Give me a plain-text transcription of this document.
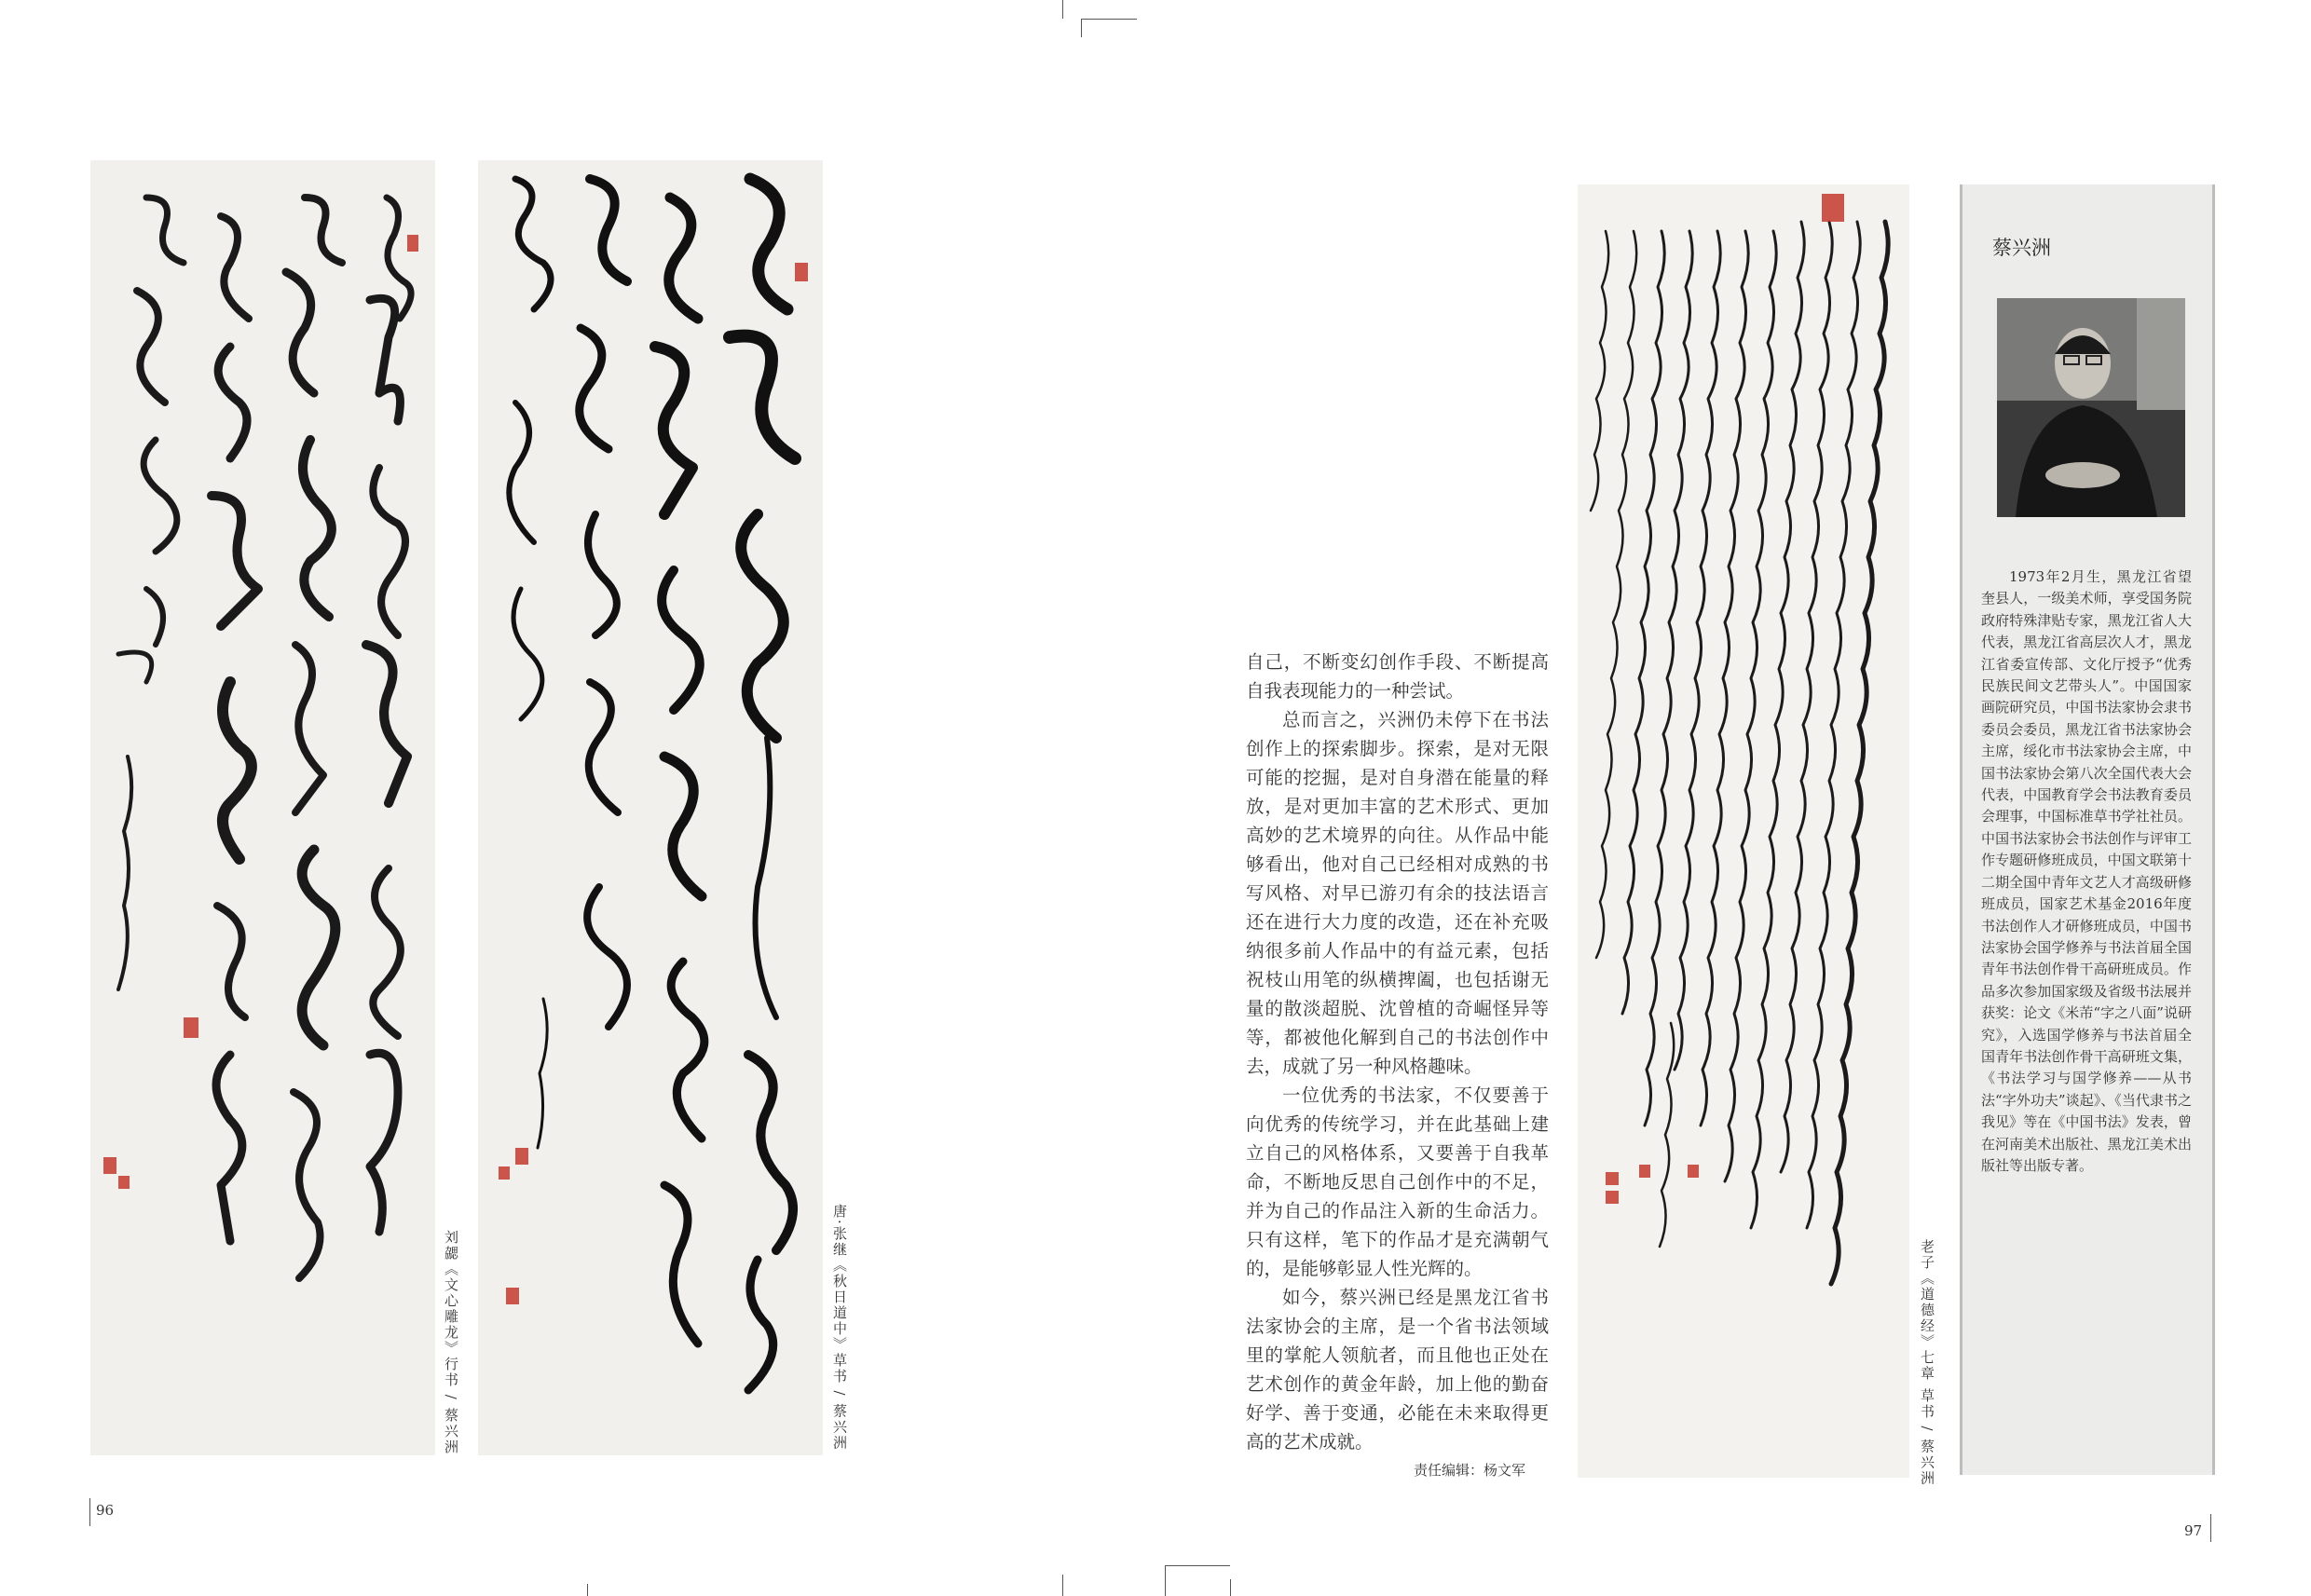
刘勰《文心雕龙》行书 / 蔡兴洲	唐·张继《秋日道中》草书 / 蔡兴洲
96

自己，不断变幻创作手段、不断提高自我表现能力的一种尝试。

总而言之，兴洲仍未停下在书法创作上的探索脚步。探索，是对无限可能的挖掘，是对自身潜在能量的释放，是对更加丰富的艺术形式、更加高妙的艺术境界的向往。从作品中能够看出，他对自己已经相对成熟的书写风格、对早已游刃有余的技法语言还在进行大力度的改造，还在补充吸纳很多前人作品中的有益元素，包括祝枝山用笔的纵横捭阖，也包括谢无量的散淡超脱、沈曾植的奇崛怪异等等，都被他化解到自己的书法创作中去，成就了另一种风格趣味。

一位优秀的书法家，不仅要善于向优秀的传统学习，并在此基础上建立自己的风格体系，又要善于自我革命，不断地反思自己创作中的不足，并为自己的作品注入新的生命活力。只有这样，笔下的作品才是充满朝气的，是能够彰显人性光辉的。

如今，蔡兴洲已经是黑龙江省书法家协会的主席，是一个省书法领域里的掌舵人领航者，而且他也正处在艺术创作的黄金年龄，加上他的勤奋好学、善于变通，必能在未来取得更高的艺术成就。

责任编辑：杨文军	老子《道德经》七章 草书 / 蔡兴洲
蔡兴洲

1973年2月生，黑龙江省望奎县人，一级美术师，享受国务院政府特殊津贴专家，黑龙江省人大代表，黑龙江省高层次人才，黑龙江省委宣传部、文化厅授予“优秀民族民间文艺带头人”。中国国家画院研究员，中国书法家协会隶书委员会委员，黑龙江省书法家协会主席，绥化市书法家协会主席，中国书法家协会第八次全国代表大会代表，中国教育学会书法教育委员会理事，中国标准草书学社社员。中国书法家协会书法创作与评审工作专题研修班成员，中国文联第十二期全国中青年文艺人才高级研修班成员，国家艺术基金2016年度书法创作人才研修班成员，中国书法家协会国学修养与书法首届全国青年书法创作骨干高研班成员。作品多次参加国家级及省级书法展并获奖：论文《米芾“字之八面”说研究》，入选国学修养与书法首届全国青年书法创作骨干高研班文集，《书法学习与国学修养——从书法“字外功夫”谈起》、《当代隶书之我见》等在《中国书法》发表，曾在河南美术出版社、黑龙江美术出版社等出版专著。

97
